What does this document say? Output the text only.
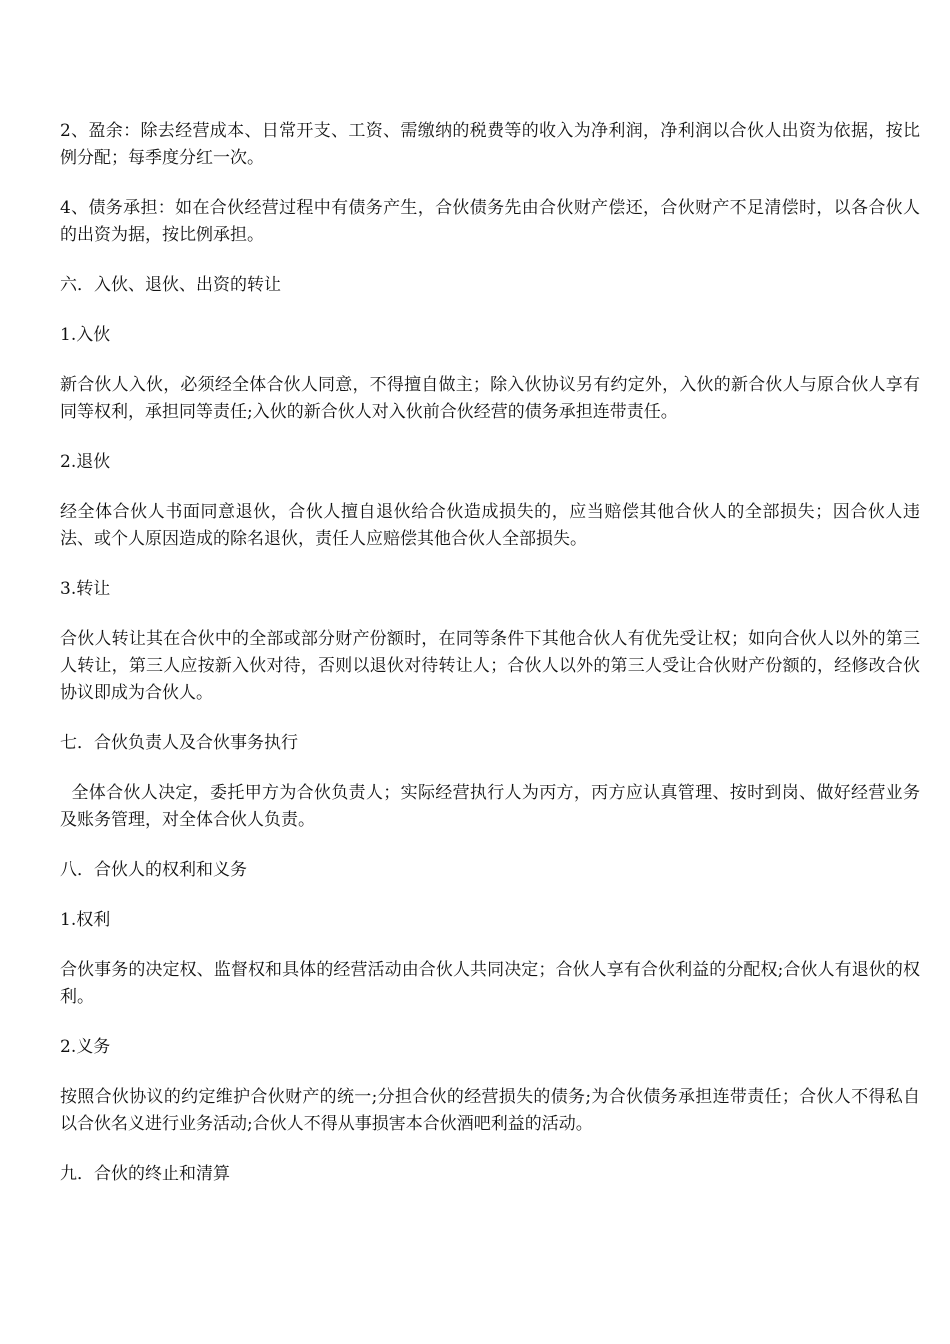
2、盈余：除去经营成本、日常开支、工资、需缴纳的税费等的收入为净利润，净利润以合伙人出资为依据，按比例分配；每季度分红一次。

4、债务承担：如在合伙经营过程中有债务产生，合伙债务先由合伙财产偿还，合伙财产不足清偿时，以各合伙人的出资为据，按比例承担。

六．入伙、退伙、出资的转让

1.入伙

新合伙人入伙，必须经全体合伙人同意，不得擅自做主；除入伙协议另有约定外，入伙的新合伙人与原合伙人享有同等权利，承担同等责任;入伙的新合伙人对入伙前合伙经营的债务承担连带责任。

2.退伙

经全体合伙人书面同意退伙，合伙人擅自退伙给合伙造成损失的，应当赔偿其他合伙人的全部损失；因合伙人违法、或个人原因造成的除名退伙，责任人应赔偿其他合伙人全部损失。

3.转让

合伙人转让其在合伙中的全部或部分财产份额时，在同等条件下其他合伙人有优先受让权；如向合伙人以外的第三人转让，第三人应按新入伙对待，否则以退伙对待转让人；合伙人以外的第三人受让合伙财产份额的，经修改合伙协议即成为合伙人。

七．合伙负责人及合伙事务执行

全体合伙人决定，委托甲方为合伙负责人；实际经营执行人为丙方，丙方应认真管理、按时到岗、做好经营业务及账务管理，对全体合伙人负责。

八．合伙人的权利和义务

1.权利

合伙事务的决定权、监督权和具体的经营活动由合伙人共同决定；合伙人享有合伙利益的分配权;合伙人有退伙的权利。

2.义务

按照合伙协议的约定维护合伙财产的统一;分担合伙的经营损失的债务;为合伙债务承担连带责任；合伙人不得私自以合伙名义进行业务活动;合伙人不得从事损害本合伙酒吧利益的活动。

九．合伙的终止和清算
